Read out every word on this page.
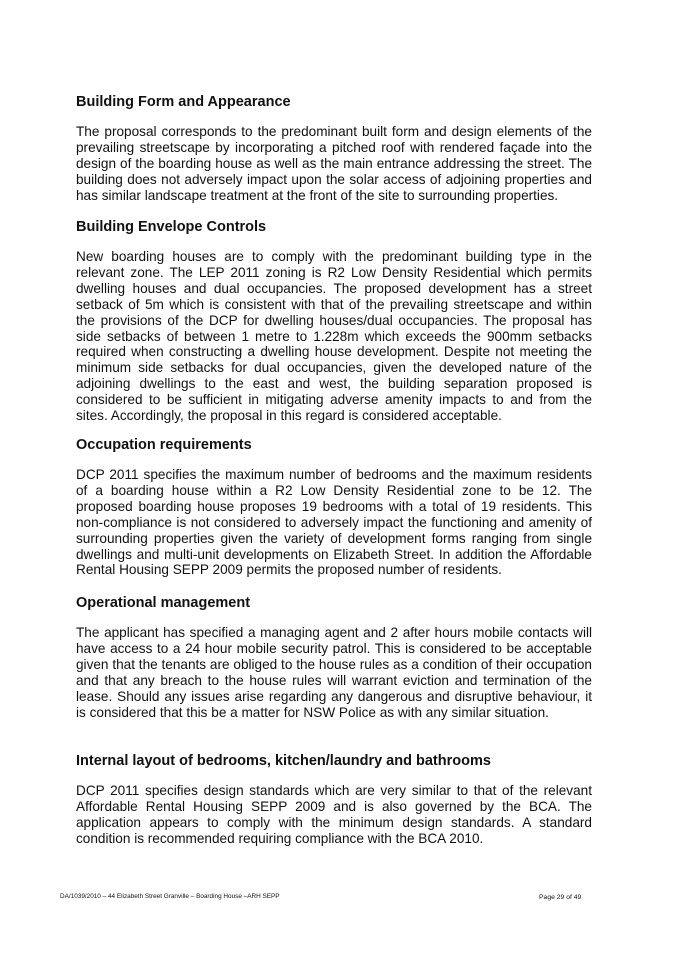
Building Form and Appearance

The proposal corresponds to the predominant built form and design elements of the prevailing streetscape by incorporating a pitched roof with rendered façade into the design of the boarding house as well as the main entrance addressing the street. The building does not adversely impact upon the solar access of adjoining properties and has similar landscape treatment at the front of the site to surrounding properties.

Building Envelope Controls

New boarding houses are to comply with the predominant building type in the relevant zone. The LEP 2011 zoning is R2 Low Density Residential which permits dwelling houses and dual occupancies. The proposed development has a street setback of 5m which is consistent with that of the prevailing streetscape and within the provisions of the DCP for dwelling houses/dual occupancies. The proposal has side setbacks of between 1 metre to 1.228m which exceeds the 900mm setbacks required when constructing a dwelling house development. Despite not meeting the minimum side setbacks for dual occupancies, given the developed nature of the adjoining dwellings to the east and west, the building separation proposed is considered to be sufficient in mitigating adverse amenity impacts to and from the sites. Accordingly, the proposal in this regard is considered acceptable.

Occupation requirements

DCP 2011 specifies the maximum number of bedrooms and the maximum residents of a boarding house within a R2 Low Density Residential zone to be 12. The proposed boarding house proposes 19 bedrooms with a total of 19 residents. This non-compliance is not considered to adversely impact the functioning and amenity of surrounding properties given the variety of development forms ranging from single dwellings and multi-unit developments on Elizabeth Street. In addition the Affordable Rental Housing SEPP 2009 permits the proposed number of residents.

Operational management

The applicant has specified a managing agent and 2 after hours mobile contacts will have access to a 24 hour mobile security patrol. This is considered to be acceptable given that the tenants are obliged to the house rules as a condition of their occupation and that any breach to the house rules will warrant eviction and termination of the lease. Should any issues arise regarding any dangerous and disruptive behaviour, it is considered that this be a matter for NSW Police as with any similar situation.

Internal layout of bedrooms, kitchen/laundry and bathrooms

DCP 2011 specifies design standards which are very similar to that of the relevant Affordable Rental Housing SEPP 2009 and is also governed by the BCA. The application appears to comply with the minimum design standards. A standard condition is recommended requiring compliance with the BCA 2010.

DA/1039/2010 – 44 Elizabeth Street Granville – Boarding House –ARH SEPP	Page 29 of 49
